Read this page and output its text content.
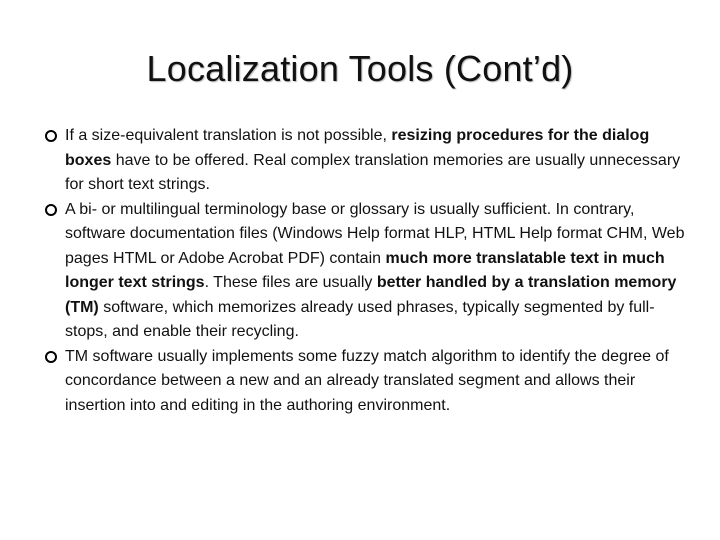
Localization Tools (Cont’d)
If a size-equivalent translation is not possible, resizing procedures for the dialog boxes have to be offered. Real complex translation memories are usually unnecessary for short text strings.
A bi- or multilingual terminology base or glossary is usually sufficient. In contrary, software documentation files (Windows Help format HLP, HTML Help format CHM, Web pages HTML or Adobe Acrobat PDF) contain much more translatable text in much longer text strings. These files are usually better handled by a translation memory (TM) software, which memorizes already used phrases, typically segmented by full-stops, and enable their recycling.
TM software usually implements some fuzzy match algorithm to identify the degree of concordance between a new and an already translated segment and allows their insertion into and editing in the authoring environment.
